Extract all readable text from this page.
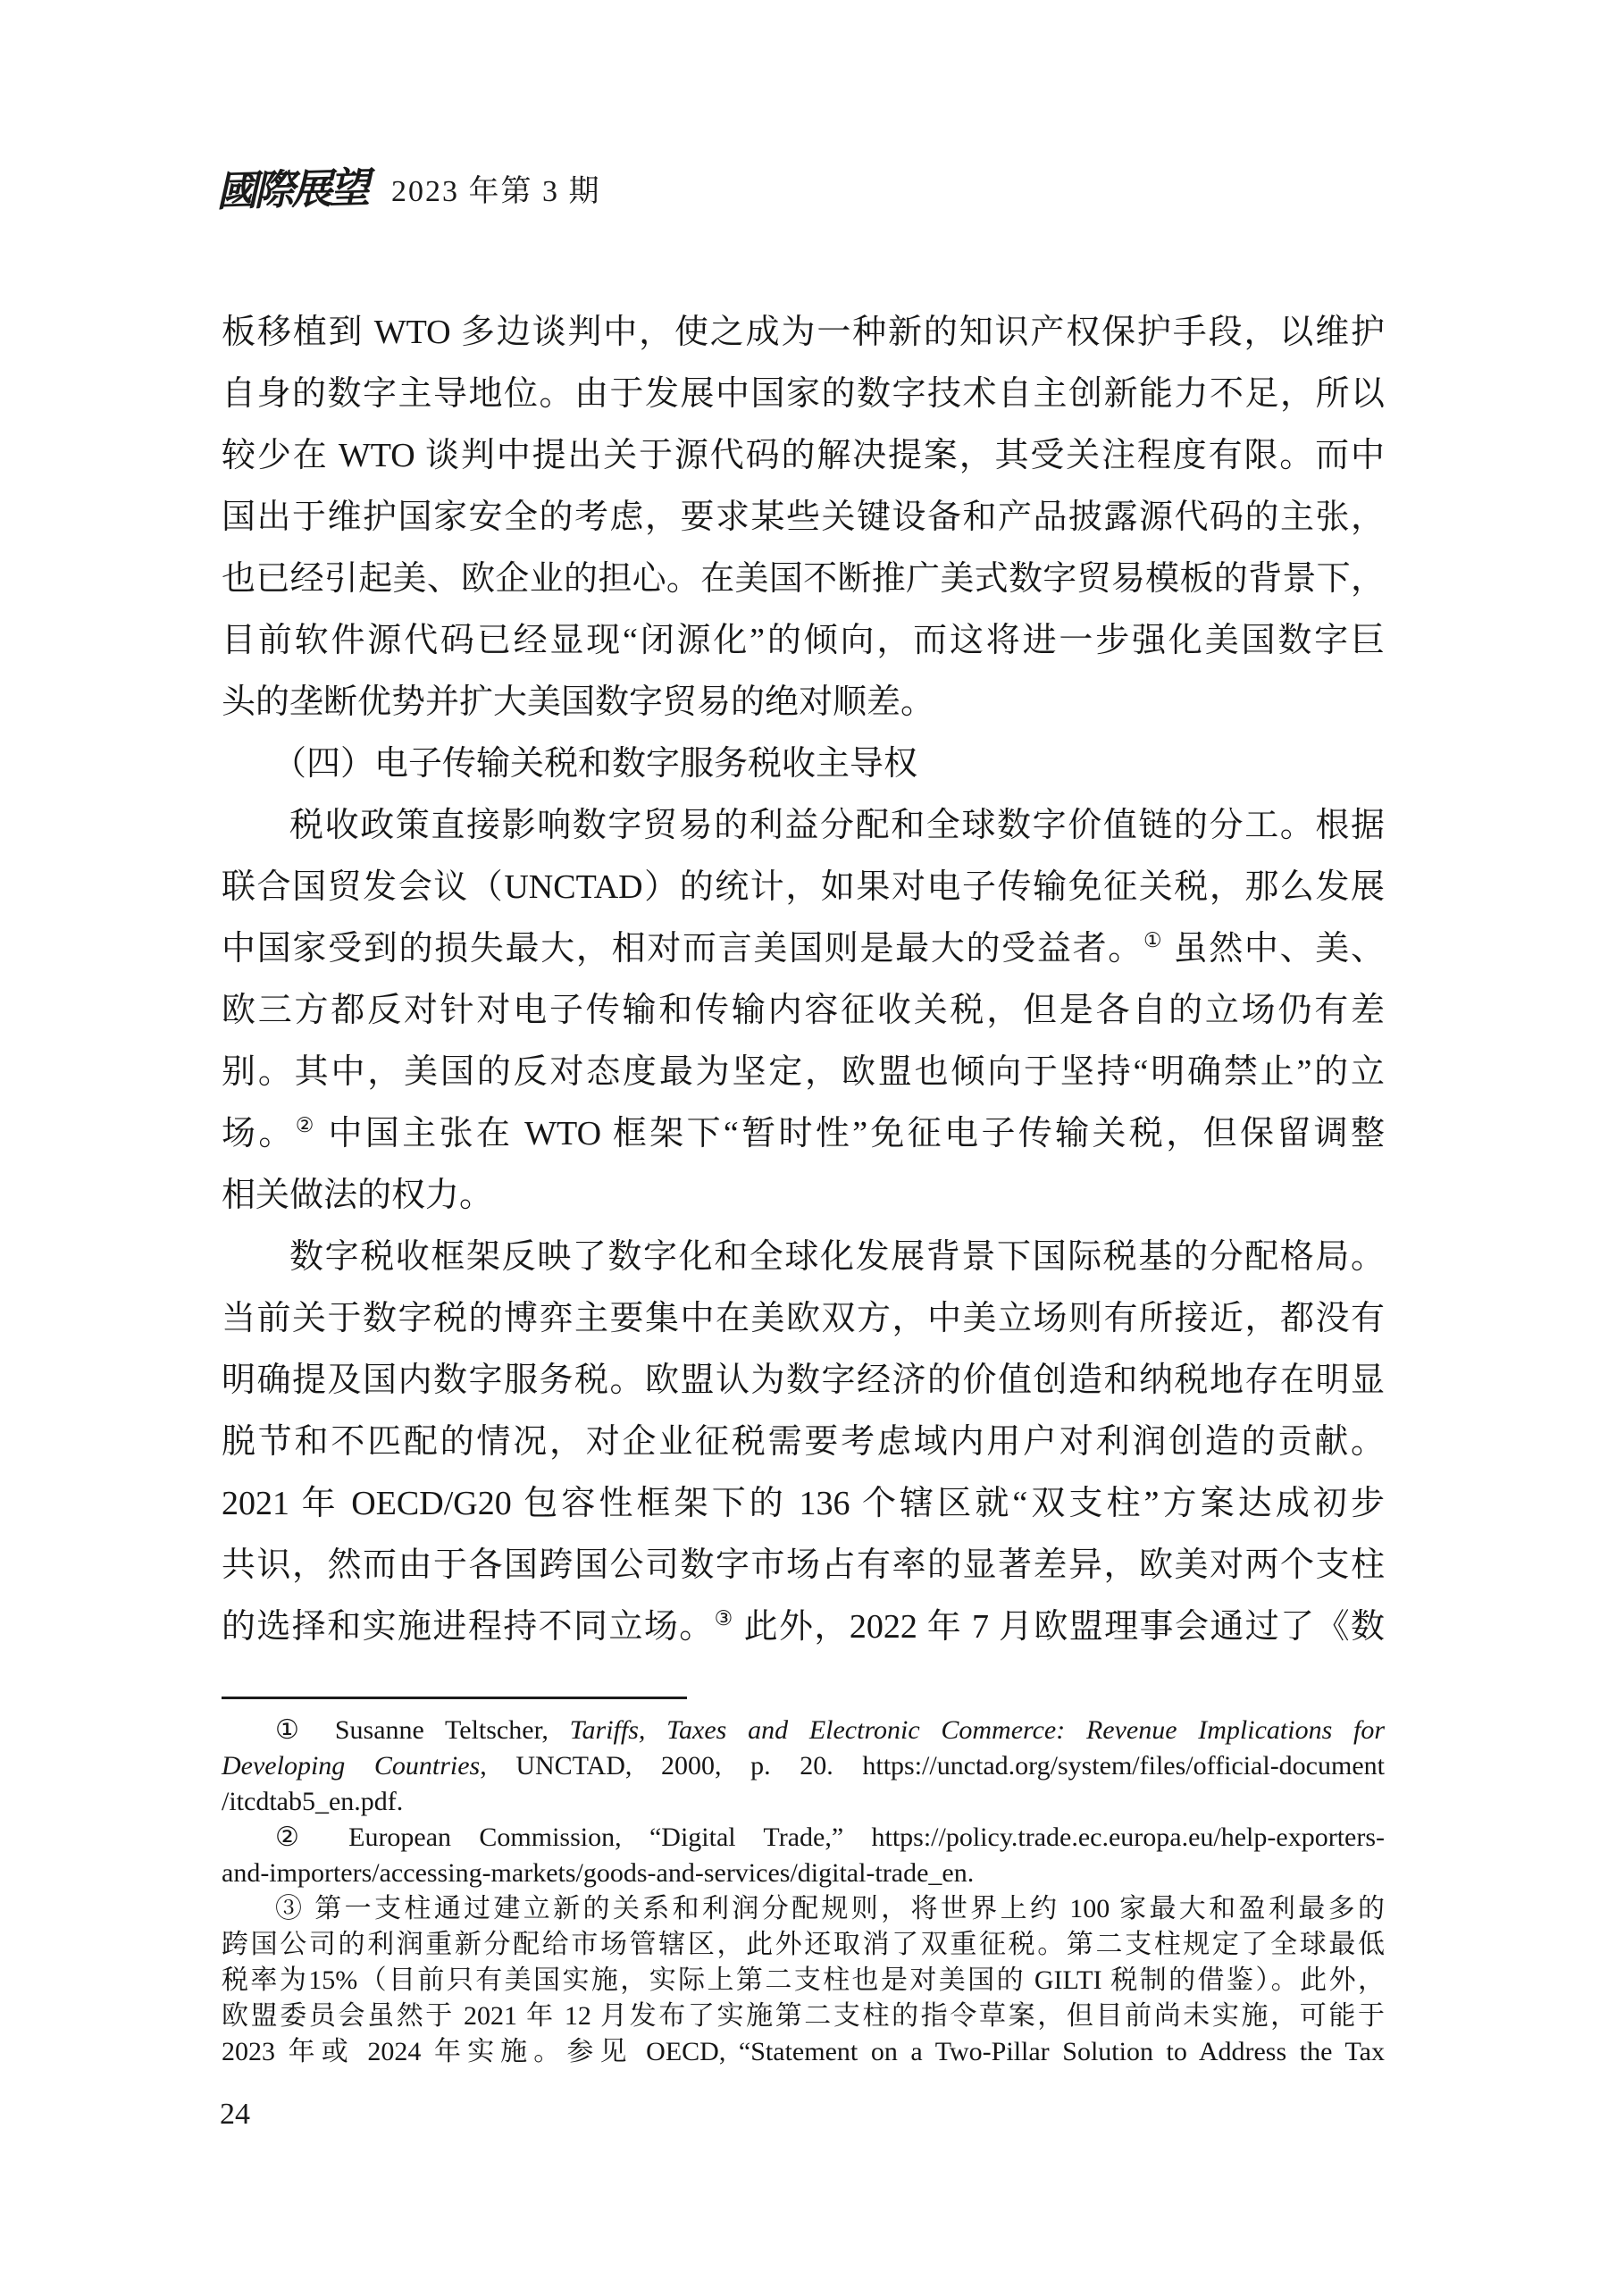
國際展望 2023 年第 3 期
板移植到 WTO 多边谈判中，使之成为一种新的知识产权保护手段，以维护
自身的数字主导地位。由于发展中国家的数字技术自主创新能力不足，所以
较少在 WTO 谈判中提出关于源代码的解决提案，其受关注程度有限。而中
国出于维护国家安全的考虑，要求某些关键设备和产品披露源代码的主张，
也已经引起美、欧企业的担心。在美国不断推广美式数字贸易模板的背景下，
目前软件源代码已经显现“闭源化”的倾向，而这将进一步强化美国数字巨
头的垄断优势并扩大美国数字贸易的绝对顺差。
（四）电子传输关税和数字服务税收主导权
税收政策直接影响数字贸易的利益分配和全球数字价值链的分工。根据
联合国贸发会议（UNCTAD）的统计，如果对电子传输免征关税，那么发展
中国家受到的损失最大，相对而言美国则是最大的受益者。① 虽然中、美、
欧三方都反对针对电子传输和传输内容征收关税，但是各自的立场仍有差
别。其中，美国的反对态度最为坚定，欧盟也倾向于坚持“明确禁止”的立
场。② 中国主张在 WTO 框架下“暂时性”免征电子传输关税，但保留调整
相关做法的权力。
数字税收框架反映了数字化和全球化发展背景下国际税基的分配格局。
当前关于数字税的博弈主要集中在美欧双方，中美立场则有所接近，都没有
明确提及国内数字服务税。欧盟认为数字经济的价值创造和纳税地存在明显
脱节和不匹配的情况，对企业征税需要考虑域内用户对利润创造的贡献。
2021 年 OECD/G20 包容性框架下的 136 个辖区就“双支柱”方案达成初步
共识，然而由于各国跨国公司数字市场占有率的显著差异，欧美对两个支柱
的选择和实施进程持不同立场。③ 此外，2022 年 7 月欧盟理事会通过了《数
① Susanne Teltscher, Tariffs, Taxes and Electronic Commerce: Revenue Implications for
Developing Countries, UNCTAD, 2000, p. 20. https://unctad.org/system/files/official-document
/itcdtab5_en.pdf.
② European Commission, “Digital Trade,” https://policy.trade.ec.europa.eu/help-exporters-
and-importers/accessing-markets/goods-and-services/digital-trade_en.
③ 第一支柱通过建立新的关系和利润分配规则，将世界上约 100 家最大和盈利最多的
跨国公司的利润重新分配给市场管辖区，此外还取消了双重征税。第二支柱规定了全球最低
税率为15%（目前只有美国实施，实际上第二支柱也是对美国的 GILTI 税制的借鉴）。此外，
欧盟委员会虽然于 2021 年 12 月发布了实施第二支柱的指令草案，但目前尚未实施，可能于
2023 年或 2024 年实施。参见 OECD, “Statement on a Two-Pillar Solution to Address the Tax
24
